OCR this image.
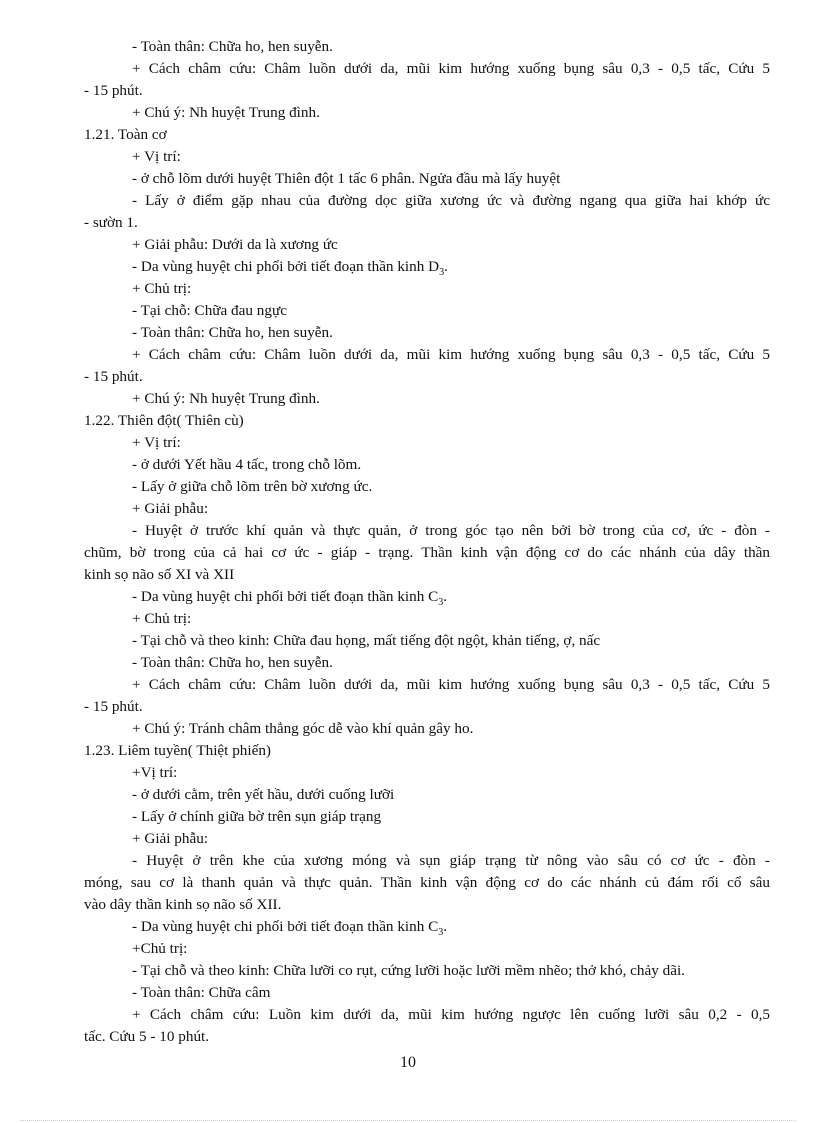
- Toàn thân: Chữa ho, hen suyễn.

+ Cách châm cứu: Châm luồn dưới da, mũi kim hướng xuống bụng sâu 0,3 - 0,5 tấc, Cứu 5

- 15 phút.

+ Chú ý: Nh huyệt Trung đình.

1.21. Toàn cơ

+ Vị trí:

- ở chỗ lõm dưới huyệt Thiên đột 1 tấc 6 phân. Ngửa đầu mà lấy huyệt

- Lấy ở điểm gặp nhau của đường dọc giữa xương ức và đường ngang qua giữa hai khớp ức

- sườn 1.

+ Giải phẫu: Dưới da là xương ức

- Da vùng huyệt chi phối bởi tiết đoạn thần kinh $D_3$.

+ Chủ trị:

- Tại chỗ: Chữa đau ngực

- Toàn thân: Chữa ho, hen suyễn.

+ Cách châm cứu: Châm luồn dưới da, mũi kim hướng xuống bụng sâu 0,3 - 0,5 tấc, Cứu 5

- 15 phút.

+ Chú ý: Nh huyệt Trung đình.

1.22. Thiên đột( Thiên cù)

+ Vị trí:

- ở dưới Yết hầu 4 tấc, trong chỗ lõm.

- Lấy ở giữa chỗ lõm trên bờ xương ức.

+ Giải phẫu:

- Huyệt ở trước khí quản và thực quản, ở trong góc tạo nên bởi bờ trong của cơ, ức - đòn -

chũm, bờ trong của cả hai cơ ức - giáp - trạng. Thần kinh vận động cơ do các nhánh của dây thần

kinh sọ não số XI và XII

- Da vùng huyệt chi phối bởi tiết đoạn thần kinh $C_3$.

+ Chủ trị:

- Tại chỗ và theo kinh: Chữa đau họng, mất tiếng đột ngột, khản tiếng, ợ, nấc

- Toàn thân: Chữa ho, hen suyễn.

+ Cách châm cứu: Châm luồn dưới da, mũi kim hướng xuống bụng sâu 0,3 - 0,5 tấc, Cứu 5

- 15 phút.

+ Chú ý: Tránh châm thẳng góc dễ vào khí quản gây ho.

1.23. Liêm tuyền( Thiệt phiến)

+Vị trí:

- ở dưới cằm, trên yết hầu, dưới cuống lưỡi

- Lấy ở chính giữa bờ trên sụn giáp trạng

+ Giải phẫu:

- Huyệt ở trên khe của xương móng và sụn giáp trạng từ nông vào sâu có cơ ức - đòn -

móng, sau cơ là thanh quản và thực quản. Thần kinh vận động cơ do các nhánh củ đám rối cổ sâu

vào dây thần kinh sọ não số XII.

- Da vùng huyệt chi phối bởi tiết đoạn thần kinh $C_3$.

+Chủ trị:

- Tại chỗ và theo kinh: Chữa lưỡi co rụt, cứng lưỡi hoặc lưỡi mềm nhẽo; thở khó, chảy dãi.

- Toàn thân: Chữa câm

+ Cách châm cứu: Luồn kim dưới da, mũi kim hướng ngược lên cuống lưỡi sâu 0,2 - 0,5

tấc. Cứu 5 - 10 phút.

10
